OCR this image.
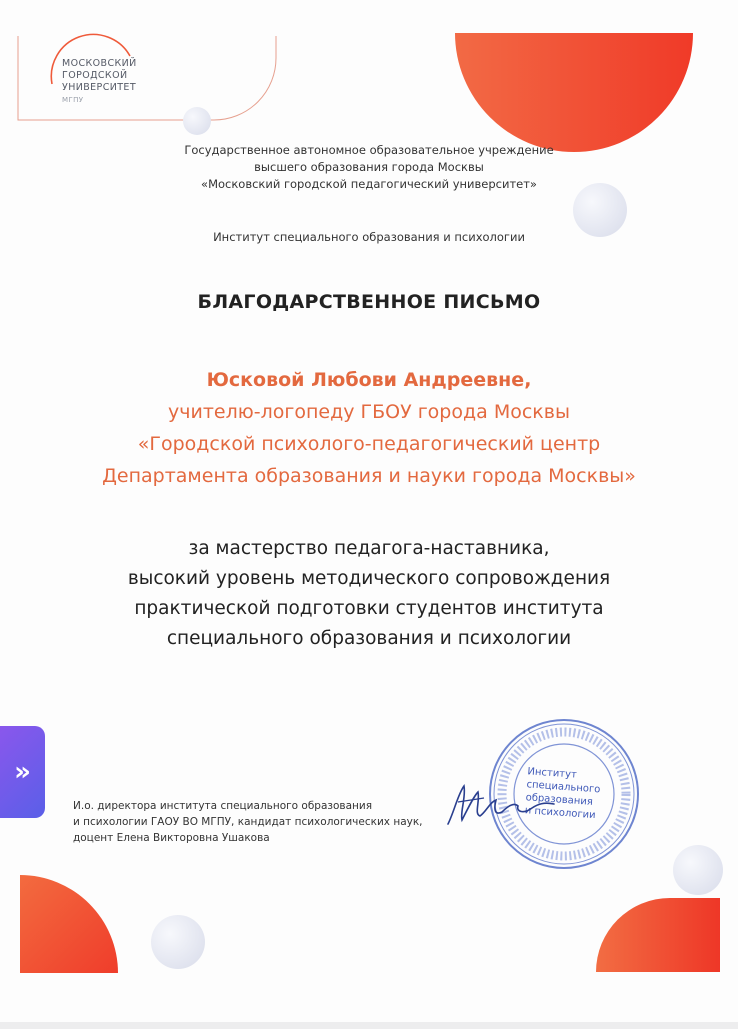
МОСКОВСКИЙ
ГОРОДСКОЙ
УНИВЕРСИТЕТ
МГПУ
Государственное автономное образовательное учреждение
высшего образования города Москвы
«Московский городской педагогический университет»
Институт специального образования и психологии
БЛАГОДАРСТВЕННОЕ ПИСЬМО
Юсковой Любови Андреевне,
учителю-логопеду ГБОУ города Москвы
«Городской психолого-педагогический центр
Департамента образования и науки города Москвы»
за мастерство педагога-наставника,
высокий уровень методического сопровождения
практической подготовки студентов института
специального образования и психологии
Институт
специального
образования
и психологии
И.о. директора института специального образования
и психологии ГАОУ ВО МГПУ, кандидат психологических наук,
доцент Елена Викторовна Ушакова
»
